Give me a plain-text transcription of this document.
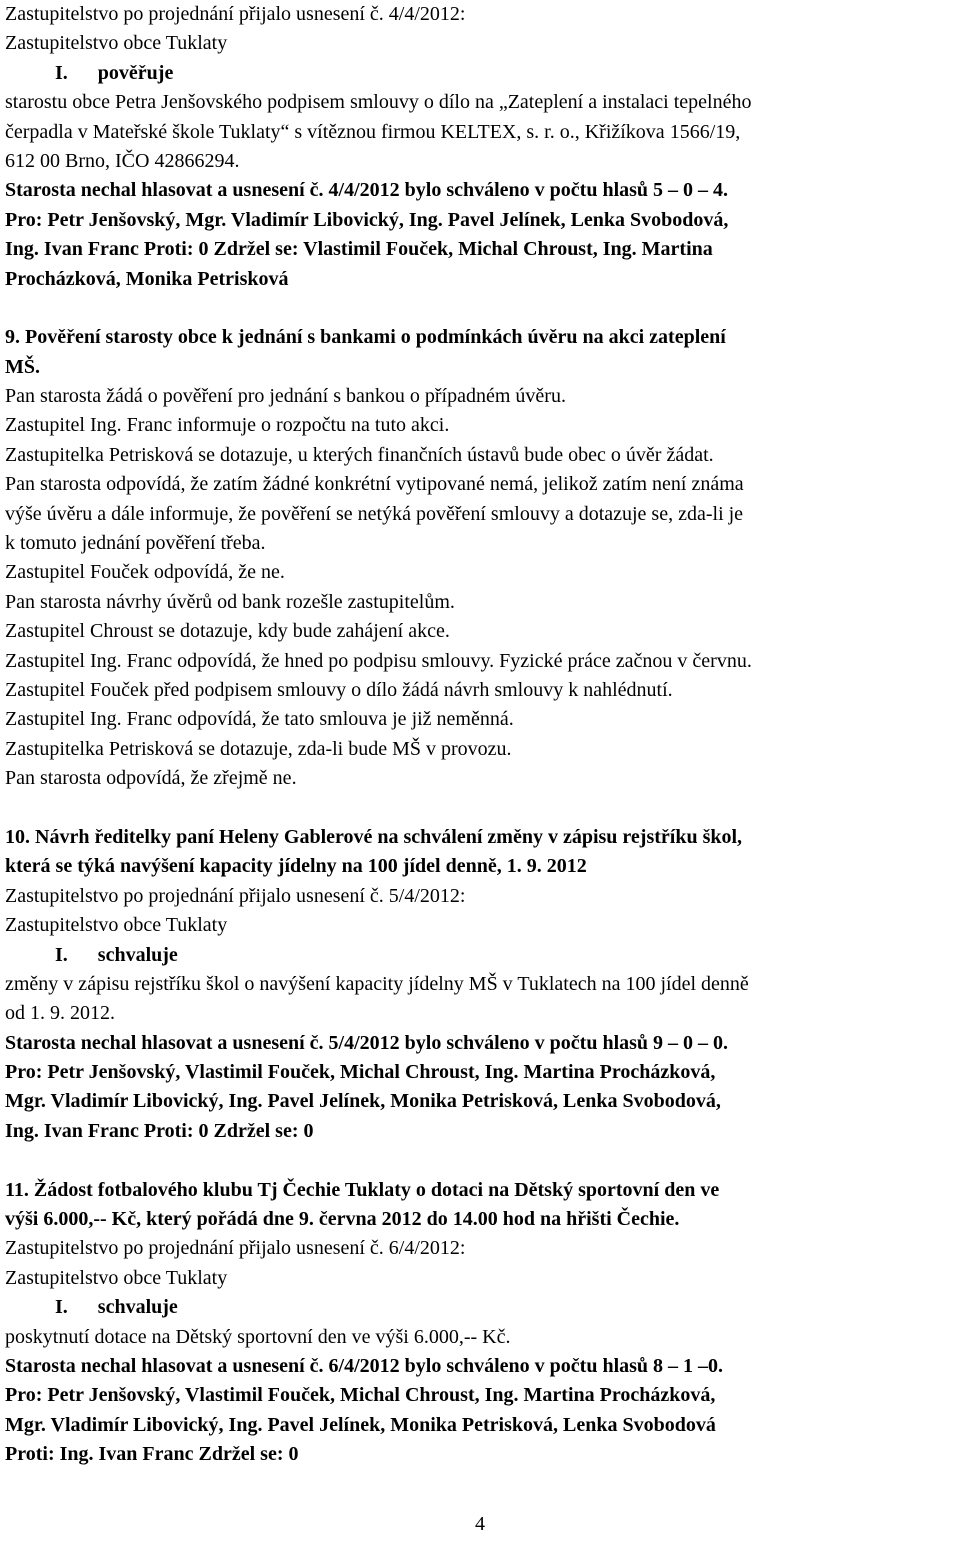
Zastupitelstvo po projednání přijalo usnesení č. 4/4/2012:
Zastupitelstvo obce Tuklaty
I. pověřuje
starostu obce Petra Jenšovského podpisem smlouvy o dílo na „Zateplení a instalaci tepelného
čerpadla v Mateřské škole Tuklaty“ s vítěznou firmou KELTEX, s. r. o., Křižíkova 1566/19,
612 00 Brno, IČO 42866294.
Starosta nechal hlasovat a usnesení č. 4/4/2012 bylo schváleno v počtu hlasů 5 – 0 – 4.
Pro: Petr Jenšovský, Mgr. Vladimír Libovický, Ing. Pavel Jelínek, Lenka Svobodová,
Ing. Ivan Franc Proti: 0 Zdržel se: Vlastimil Fouček, Michal Chroust, Ing. Martina
Procházková, Monika Petrisková
9. Pověření starosty obce k jednání s bankami o podmínkách úvěru na akci zateplení
MŠ.
Pan starosta žádá o pověření pro jednání s bankou o případném úvěru.
Zastupitel Ing. Franc informuje o rozpočtu na tuto akci.
Zastupitelka Petrisková se dotazuje, u kterých finančních ústavů bude obec o úvěr žádat.
Pan starosta odpovídá, že zatím žádné konkrétní vytipované nemá, jelikož zatím není známa
výše úvěru a dále informuje, že pověření se netýká pověření smlouvy a dotazuje se, zda-li je
k tomuto jednání pověření třeba.
Zastupitel Fouček odpovídá, že ne.
Pan starosta návrhy úvěrů od bank rozešle zastupitelům.
Zastupitel Chroust se dotazuje, kdy bude zahájení akce.
Zastupitel Ing. Franc odpovídá, že hned po podpisu smlouvy. Fyzické práce začnou v červnu.
Zastupitel Fouček před podpisem smlouvy o dílo žádá návrh smlouvy k nahlédnutí.
Zastupitel Ing. Franc odpovídá, že tato smlouva je již neměnná.
Zastupitelka Petrisková se dotazuje, zda-li bude MŠ v provozu.
Pan starosta odpovídá, že zřejmě ne.
10. Návrh ředitelky paní Heleny Gablerové na schválení změny v zápisu rejstříku škol,
která se týká navýšení kapacity jídelny na 100 jídel denně, 1. 9. 2012
Zastupitelstvo po projednání přijalo usnesení č. 5/4/2012:
Zastupitelstvo obce Tuklaty
I. schvaluje
změny v zápisu rejstříku škol o navýšení kapacity jídelny MŠ v Tuklatech na 100 jídel denně
od 1. 9. 2012.
Starosta nechal hlasovat a usnesení č. 5/4/2012 bylo schváleno v počtu hlasů 9 – 0 – 0.
Pro: Petr Jenšovský, Vlastimil Fouček, Michal Chroust, Ing. Martina Procházková,
Mgr. Vladimír Libovický, Ing. Pavel Jelínek, Monika Petrisková, Lenka Svobodová,
Ing. Ivan Franc Proti: 0 Zdržel se: 0
11. Žádost fotbalového klubu Tj Čechie Tuklaty o dotaci na Dětský sportovní den ve
výši 6.000,-- Kč, který pořádá dne 9. června 2012 do 14.00 hod na hřišti Čechie.
Zastupitelstvo po projednání přijalo usnesení č. 6/4/2012:
Zastupitelstvo obce Tuklaty
I. schvaluje
poskytnutí dotace na Dětský sportovní den ve výši 6.000,-- Kč.
Starosta nechal hlasovat a usnesení č. 6/4/2012 bylo schváleno v počtu hlasů 8 – 1 –0.
Pro: Petr Jenšovský, Vlastimil Fouček, Michal Chroust, Ing. Martina Procházková,
Mgr. Vladimír Libovický, Ing. Pavel Jelínek, Monika Petrisková, Lenka Svobodová
Proti: Ing. Ivan Franc Zdržel se: 0
4
